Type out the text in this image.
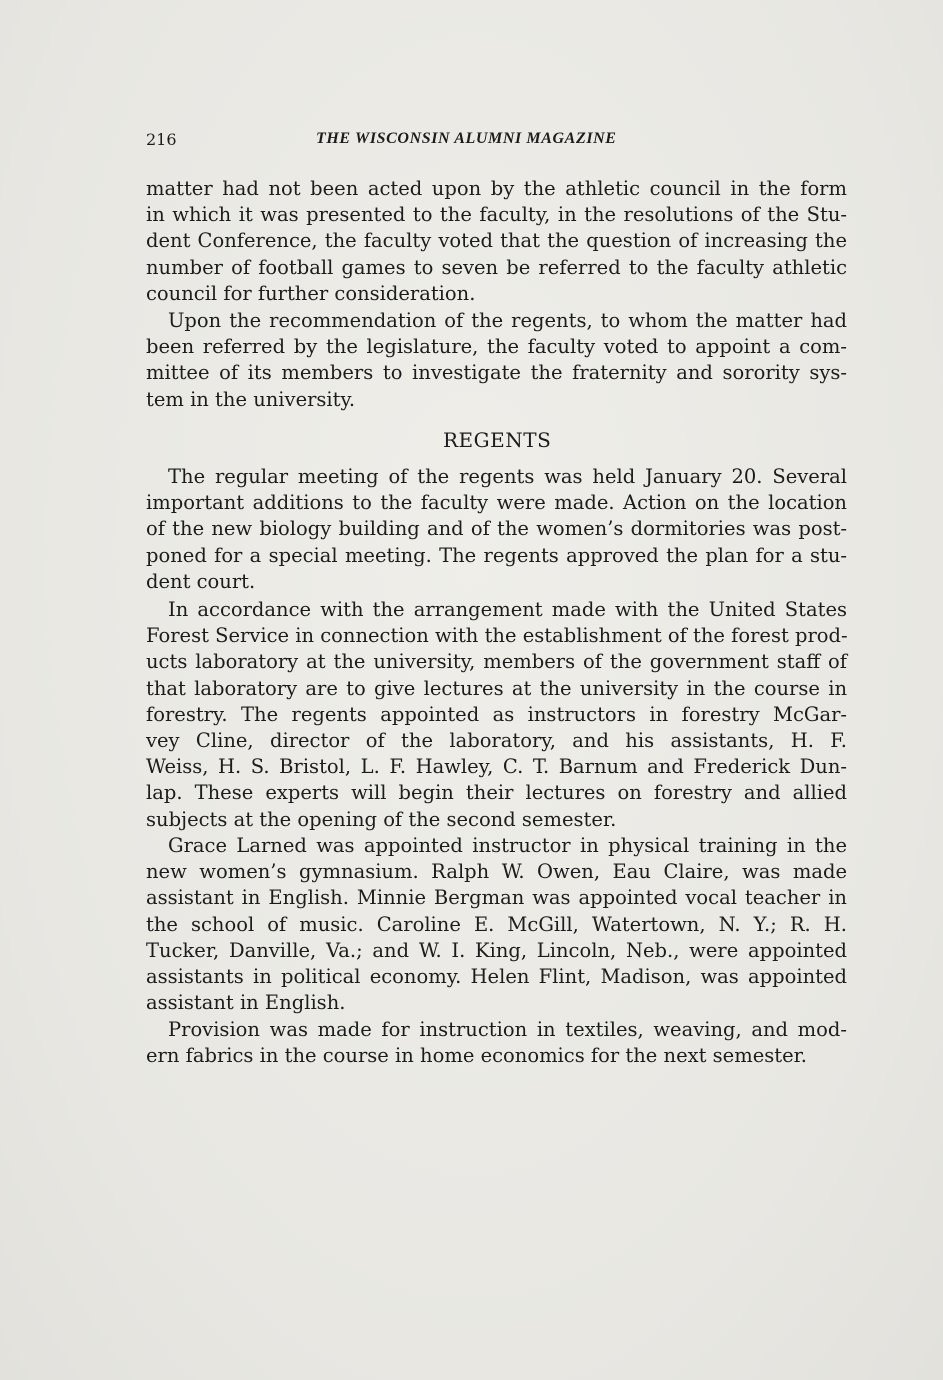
216	THE WISCONSIN ALUMNI MAGAZINE
matter had not been acted upon by the athletic council in the form
in which it was presented to the faculty, in the resolutions of the Stu-
dent Conference, the faculty voted that the question of increasing the
number of football games to seven be referred to the faculty athletic
council for further consideration.
Upon the recommendation of the regents, to whom the matter had
been referred by the legislature, the faculty voted to appoint a com-
mittee of its members to investigate the fraternity and sorority sys-
tem in the university.
REGENTS
The regular meeting of the regents was held January 20. Several
important additions to the faculty were made. Action on the location
of the new biology building and of the women’s dormitories was post-
poned for a special meeting. The regents approved the plan for a stu-
dent court.
In accordance with the arrangement made with the United States
Forest Service in connection with the establishment of the forest prod-
ucts laboratory at the university, members of the government staff of
that laboratory are to give lectures at the university in the course in
forestry. The regents appointed as instructors in forestry McGar-
vey Cline, director of the laboratory, and his assistants, H. F.
Weiss, H. S. Bristol, L. F. Hawley, C. T. Barnum and Frederick Dun-
lap. These experts will begin their lectures on forestry and allied
subjects at the opening of the second semester.
Grace Larned was appointed instructor in physical training in the
new women’s gymnasium. Ralph W. Owen, Eau Claire, was made
assistant in English. Minnie Bergman was appointed vocal teacher in
the school of music. Caroline E. McGill, Watertown, N. Y.; R. H.
Tucker, Danville, Va.; and W. I. King, Lincoln, Neb., were appointed
assistants in political economy. Helen Flint, Madison, was appointed
assistant in English.
Provision was made for instruction in textiles, weaving, and mod-
ern fabrics in the course in home economics for the next semester.
